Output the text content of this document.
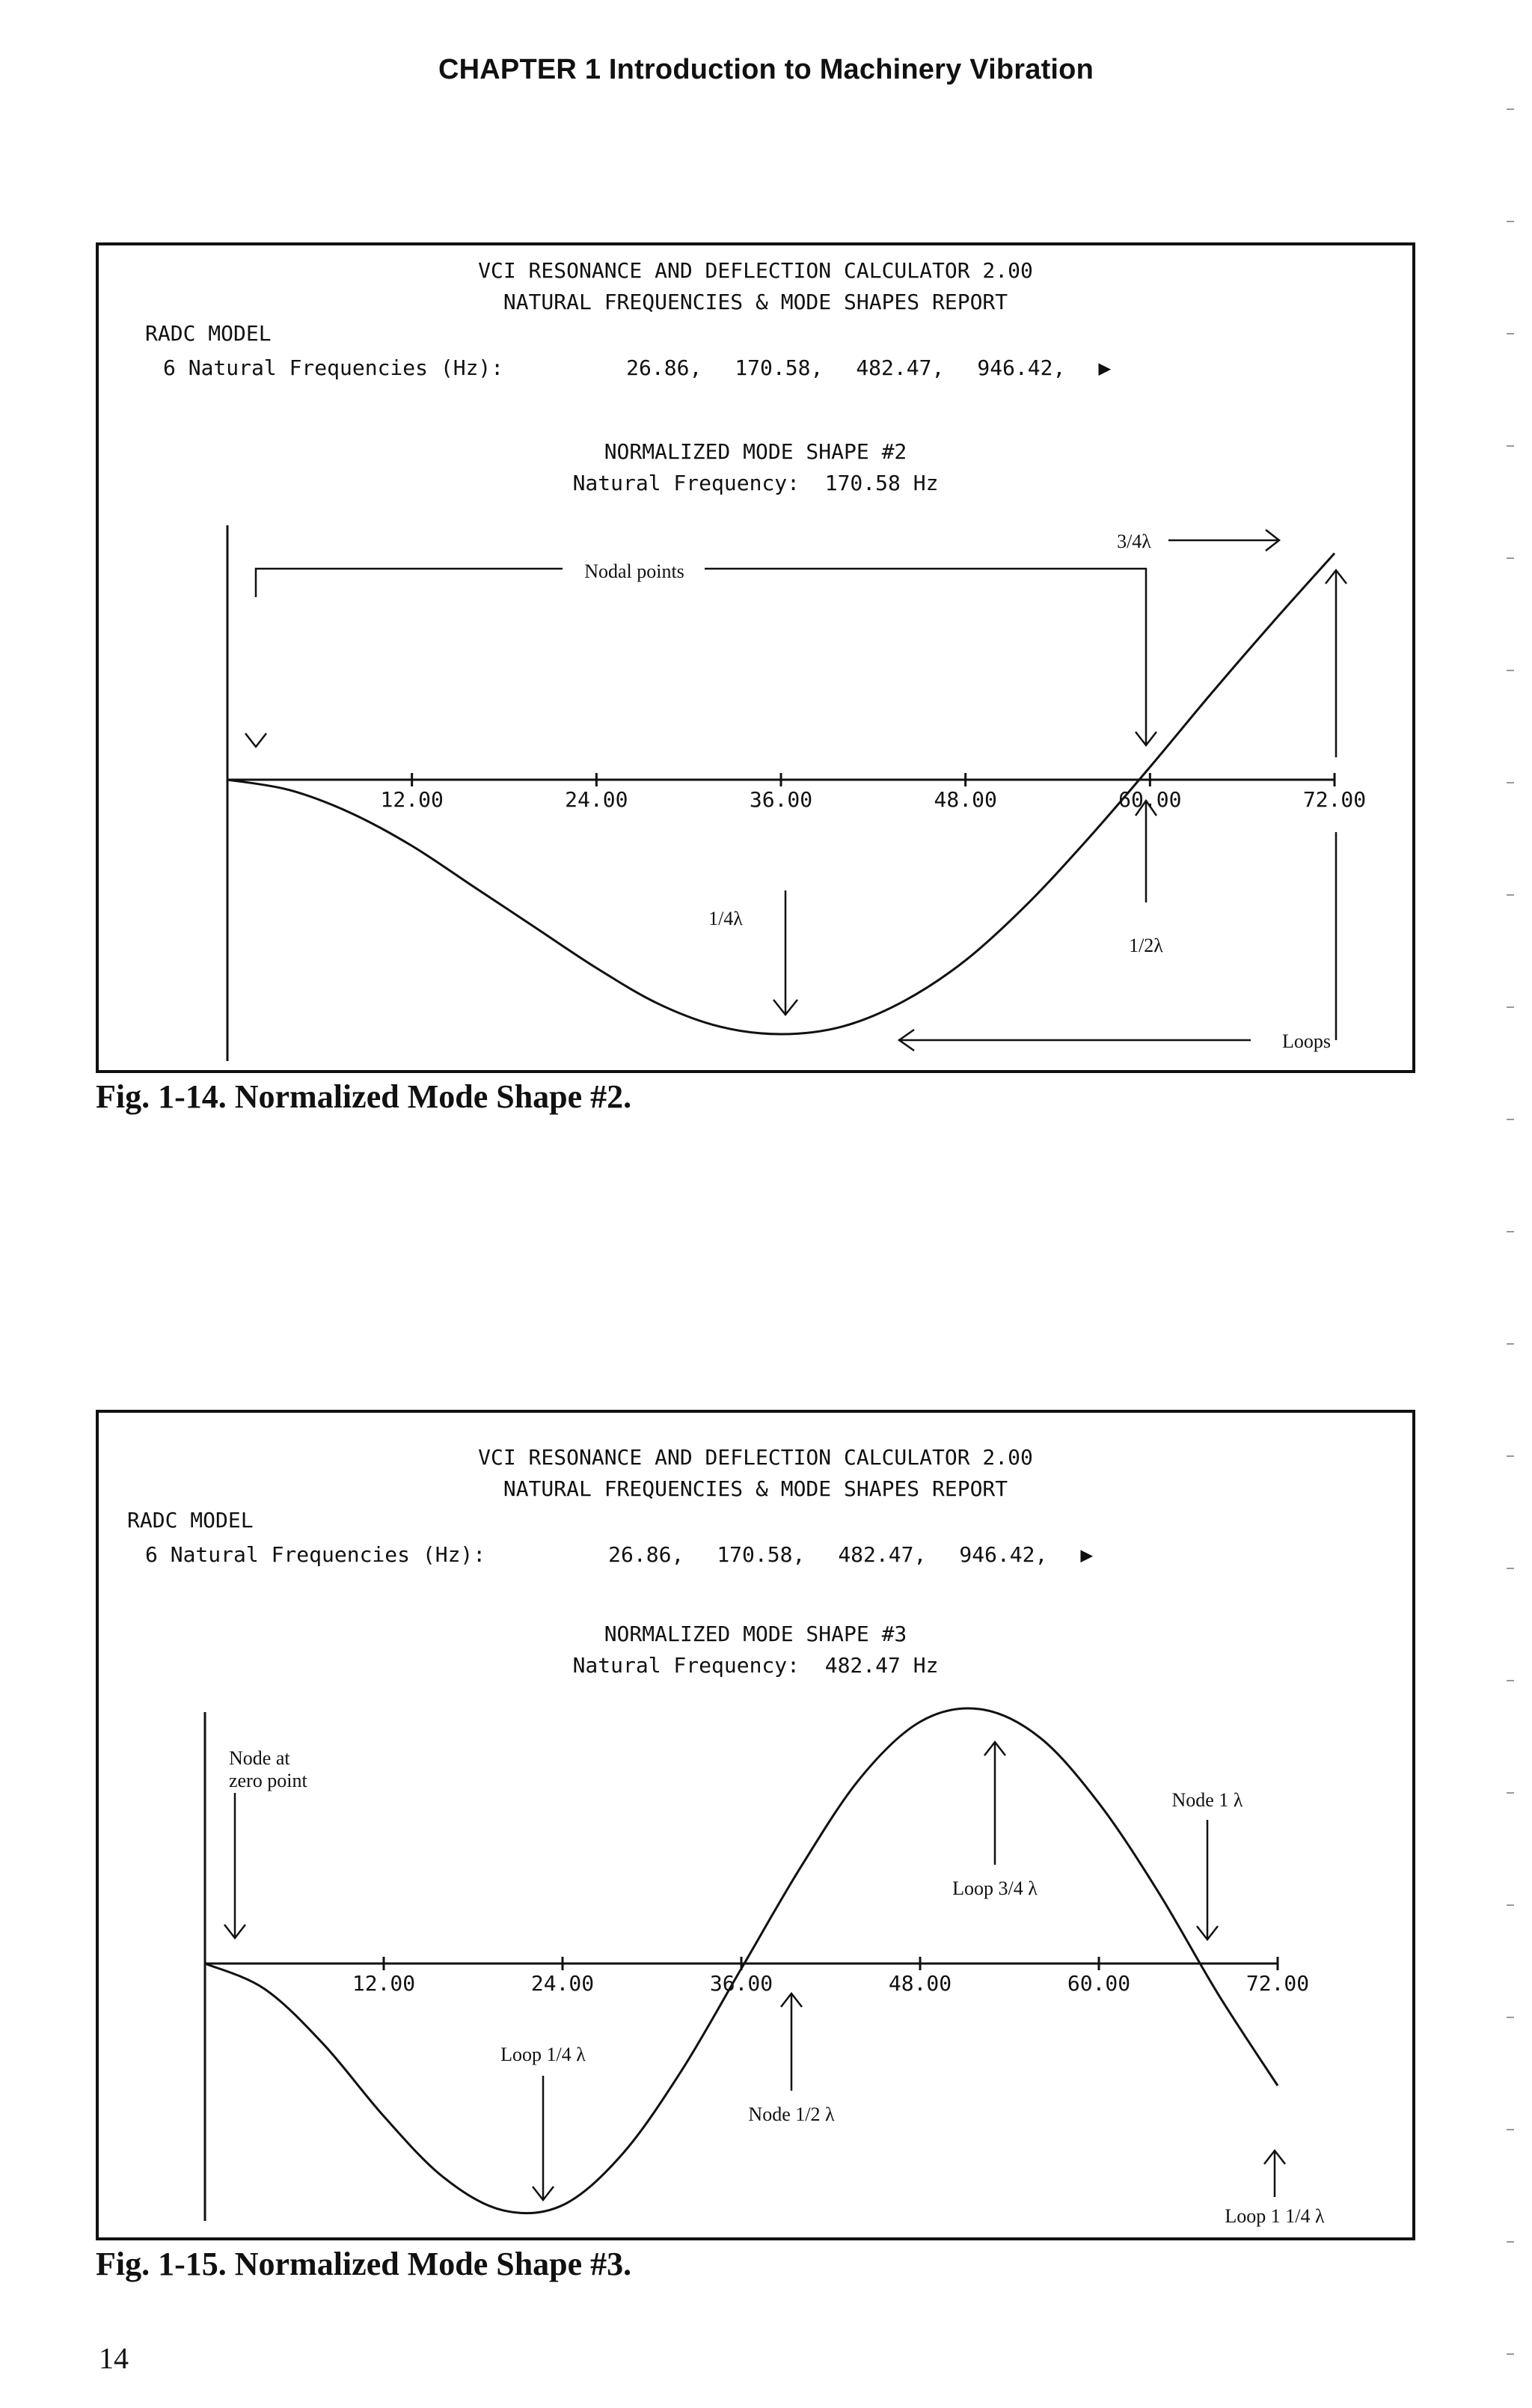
CHAPTER 1 Introduction to Machinery Vibration
VCI RESONANCE AND DEFLECTION CALCULATOR 2.00
NATURAL FREQUENCIES & MODE SHAPES REPORT
RADC MODEL
6 Natural Frequencies (Hz):	26.86, 170.58, 482.47, 946.42, ▶
NORMALIZED MODE SHAPE #2
Natural Frequency:  170.58 Hz
12.00	24.00	36.00	48.00	60.00	72.00
1/4λ
1/2λ
3/4λ
Nodal points
Loops
Fig. 1-14. Normalized Mode Shape #2.
VCI RESONANCE AND DEFLECTION CALCULATOR 2.00
NATURAL FREQUENCIES & MODE SHAPES REPORT
RADC MODEL
6 Natural Frequencies (Hz):	26.86, 170.58, 482.47, 946.42, ▶
NORMALIZED MODE SHAPE #3
Natural Frequency:  482.47 Hz
12.00	24.00	36.00	48.00	60.00	72.00
Node at
zero point
Loop 1/4 λ
Node 1/2 λ
Loop 3/4 λ
Node 1 λ
Loop 1 1/4 λ
Fig. 1-15. Normalized Mode Shape #3.
14
